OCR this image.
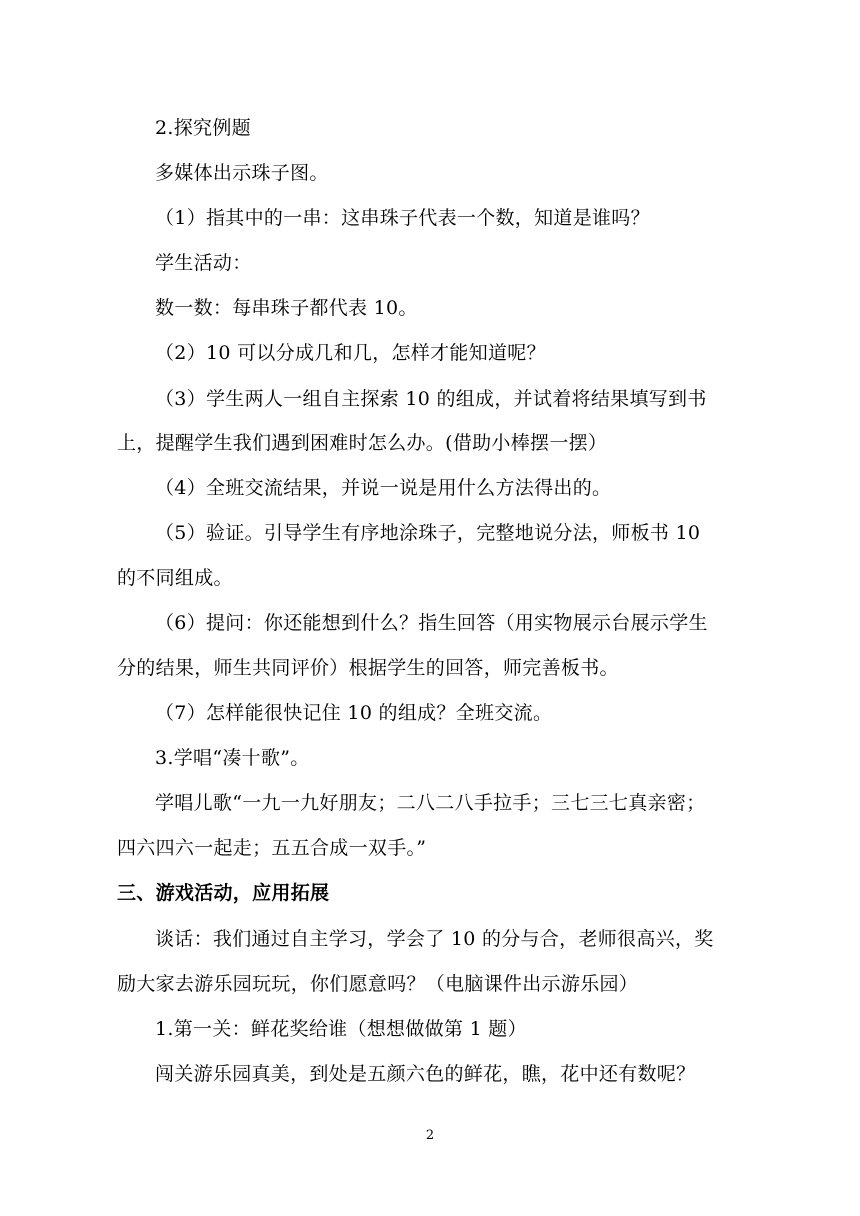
2.探究例题
多媒体出示珠子图。
（1）指其中的一串：这串珠子代表一个数，知道是谁吗？
学生活动：
数一数：每串珠子都代表 10。
（2）10 可以分成几和几，怎样才能知道呢？
（3）学生两人一组自主探索 10 的组成，并试着将结果填写到书
上，提醒学生我们遇到困难时怎么办。(借助小棒摆一摆）
（4）全班交流结果，并说一说是用什么方法得出的。
（5）验证。引导学生有序地涂珠子，完整地说分法，师板书 10
的不同组成。
（6）提问：你还能想到什么？指生回答（用实物展示台展示学生
分的结果，师生共同评价）根据学生的回答，师完善板书。
（7）怎样能很快记住 10 的组成？全班交流。
3.学唱“凑十歌”。
学唱儿歌“一九一九好朋友；二八二八手拉手；三七三七真亲密；
四六四六一起走；五五合成一双手。”
三、游戏活动，应用拓展
谈话：我们通过自主学习，学会了 10 的分与合，老师很高兴，奖
励大家去游乐园玩玩，你们愿意吗？（电脑课件出示游乐园）
1.第一关：鲜花奖给谁（想想做做第 1 题）
闯关游乐园真美，到处是五颜六色的鲜花，瞧，花中还有数呢？
2
